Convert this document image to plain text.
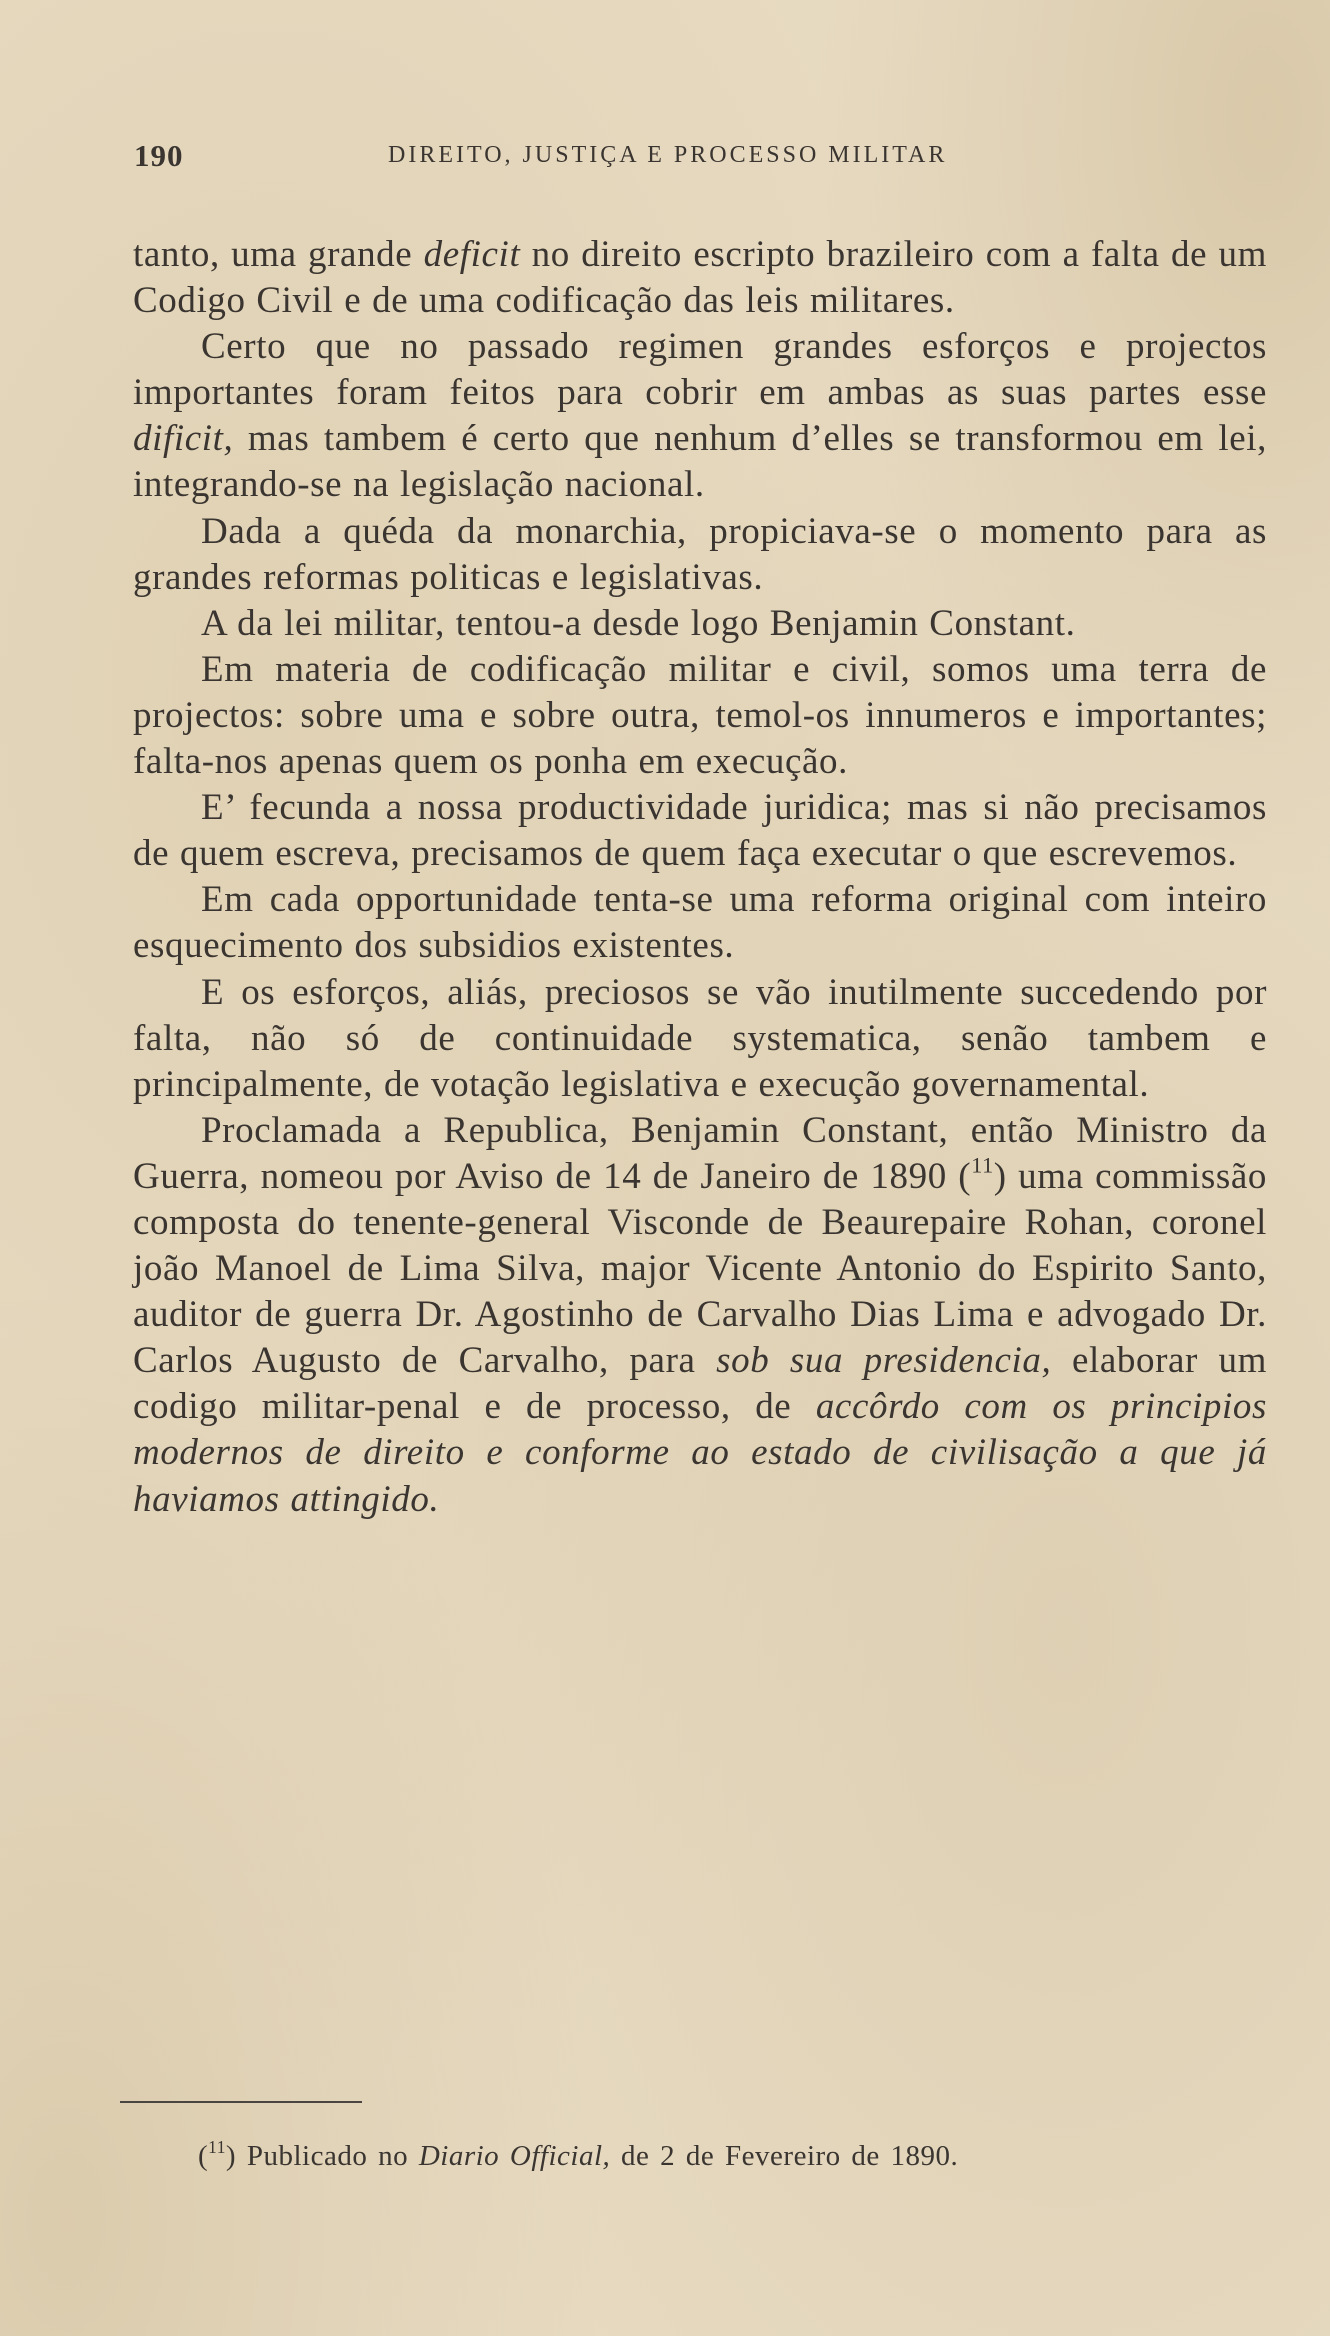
190	DIREITO, JUSTIÇA E PROCESSO MILITAR

tanto, uma grande deficit no direito escripto brazileiro com a falta de um Codigo Civil e de uma codificação das leis militares.

Certo que no passado regimen grandes esforços e projectos importantes foram feitos para cobrir em ambas as suas partes esse dificit, mas tambem é certo que nenhum d’elles se transformou em lei, integrando-se na legislação nacional.

Dada a quéda da monarchia, propiciava-se o momento para as grandes reformas politicas e legislativas.

A da lei militar, tentou-a desde logo Benjamin Constant.

Em materia de codificação militar e civil, somos uma terra de projectos: sobre uma e sobre outra, temol-os innumeros e importantes; falta-nos apenas quem os ponha em execução.

E’ fecunda a nossa productividade juridica; mas si não precisamos de quem escreva, precisamos de quem faça executar o que escrevemos.

Em cada opportunidade tenta-se uma reforma original com inteiro esquecimento dos subsidios existentes.

E os esforços, aliás, preciosos se vão inutilmente succedendo por falta, não só de continuidade systematica, senão tambem e principalmente, de votação legislativa e execução governamental.

Proclamada a Republica, Benjamin Constant, então Ministro da Guerra, nomeou por Aviso de 14 de Janeiro de 1890 ($^{11}$) uma commissão composta do tenente-general Visconde de Beaurepaire Rohan, coronel joão Manoel de Lima Silva, major Vicente Antonio do Espirito Santo, auditor de guerra Dr. Agostinho de Carvalho Dias Lima e advogado Dr. Carlos Augusto de Carvalho, para sob sua presidencia, elaborar um codigo militar-penal e de processo, de accôrdo com os principios modernos de direito e conforme ao estado de civilisação a que já haviamos attingido.

($^{11}$) Publicado no Diario Official, de 2 de Fevereiro de 1890.
